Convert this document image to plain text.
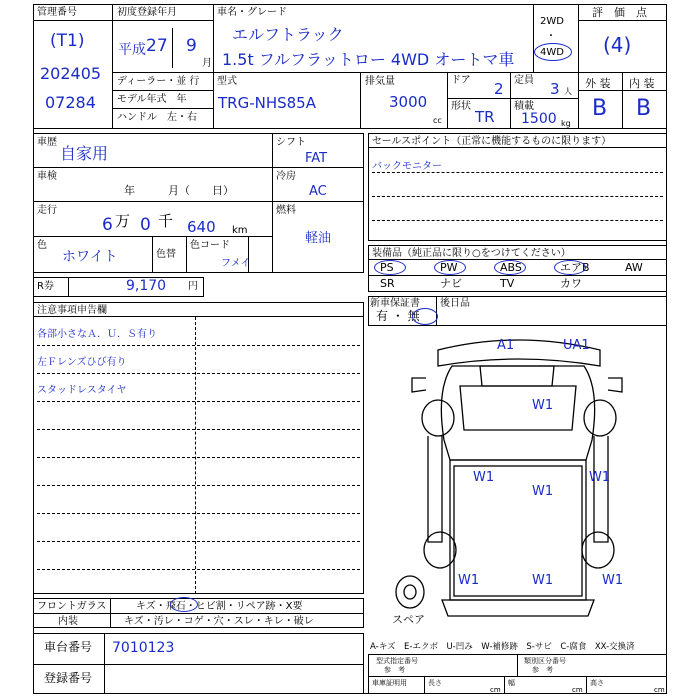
管理番号
(T1)
202405
07284
初度登録年月
平成 27 9
月
車名・グレード
エルフトラック
1.5t フルフラットロー 4WD オートマ車
2WD
・
4WD
評　価　点
(4)
外 装 内 装
B B
ディーラー・並 行
モデル年式　年
ハンドル　左・右
型式
TRG-NHS85A
排気量
3000
cc
ドア 2 定員 3 人
形状
TR
積載
1500 kg
車歴
自家用
車検
年　　　月（　　日）
走行
6 万 0 千 640 km
色
ホワイト	色替
色コード
フメイ
シフト
FAT
冷房
AC
燃料
軽油
R券	9,170 円
セールスポイント（正常に機能するものに限ります）
バックモニター
装備品（純正品に限り○をつけてください）
PS	PW	ABS	エアB	AW
SR	ナビ	TV	カワ
新車保証書
有 ・ 無
後日品
注意事項申告欄
各部小さなＡ．Ｕ．Ｓ有り
左Ｆレンズひび有り
スタッドレスタイヤ
A1	UA1
W1
W1
W1
W1
W1	W1	W1
スペア
フロントガラス	キズ・飛石・ヒビ割・リペア跡・X要
内装	キズ・汚レ・コゲ・穴・スレ・キレ・破レ
車台番号 7010123
登録番号
A-キズ　E-エクボ　U-凹み　W-補修跡　S-サビ　C-腐食　XX-交換済
型式指定番号
参　考
類別区分番号
参　考
車庫証明用	長さ	幅	高さ
cm	cm	cm
